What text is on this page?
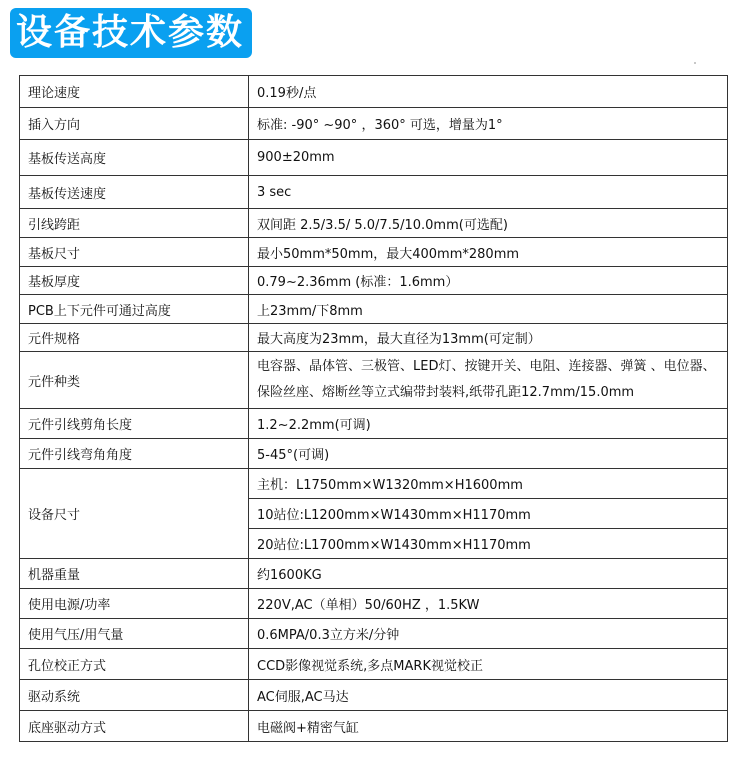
设备技术参数
理论速度	0.19秒/点
插入方向	标准: -90° ~90° ，360° 可选，增量为1°
基板传送高度	900±20mm
基板传送速度	3 sec
引线跨距	双间距 2.5/3.5/ 5.0/7.5/10.0mm(可选配)
基板尺寸	最小50mm*50mm，最大400mm*280mm
基板厚度	0.79~2.36mm (标准：1.6mm）
PCB上下元件可通过高度	上23mm/下8mm
元件规格	最大高度为23mm，最大直径为13mm(可定制）
元件种类	电容器、晶体管、三极管、LED灯、按键开关、电阻、连接器、弹簧 、电位器、保险丝座、熔断丝等立式编带封装料,纸带孔距12.7mm/15.0mm
元件引线剪角长度	1.2~2.2mm(可调)
元件引线弯角角度	5-45°(可调)
设备尺寸	主机：L1750mm×W1320mm×H1600mm
	10站位:L1200mm×W1430mm×H1170mm
	20站位:L1700mm×W1430mm×H1170mm
机器重量	约1600KG
使用电源/功率	220V,AC（单相）50/60HZ ，1.5KW
使用气压/用气量	0.6MPA/0.3立方米/分钟
孔位校正方式	CCD影像视觉系统,多点MARK视觉校正
驱动系统	AC伺服,AC马达
底座驱动方式	电磁阀+精密气缸
